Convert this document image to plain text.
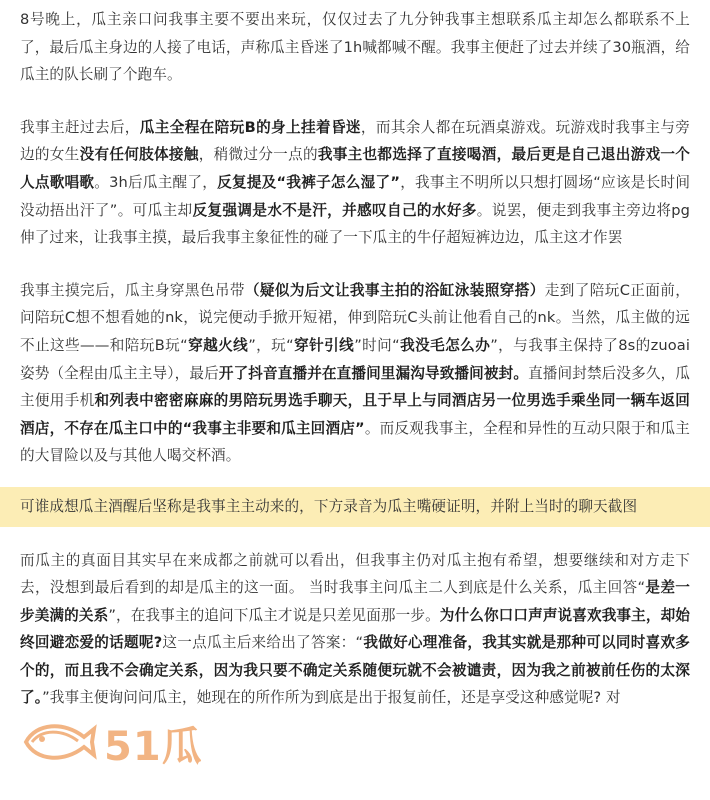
8号晚上，瓜主亲口问我事主要不要出来玩，仅仅过去了九分钟我事主想联系瓜主却怎么都联系不上了，最后瓜主身边的人接了电话，声称瓜主昏迷了1h喊都喊不醒。我事主便赶了过去并续了30瓶酒，给瓜主的队长刷了个跑车。

我事主赶过去后，瓜主全程在陪玩B的身上挂着昏迷，而其余人都在玩酒桌游戏。玩游戏时我事主与旁边的女生没有任何肢体接触，稍微过分一点的我事主也都选择了直接喝酒，最后更是自己退出游戏一个人点歌唱歌。3h后瓜主醒了，反复提及“我裤子怎么湿了”，我事主不明所以只想打圆场“应该是长时间没动捂出汗了”。可瓜主却反复强调是水不是汗，并感叹自己的水好多。说罢，便走到我事主旁边将pg伸了过来，让我事主摸，最后我事主象征性的碰了一下瓜主的牛仔超短裤边边，瓜主这才作罢

我事主摸完后，瓜主身穿黑色吊带（疑似为后文让我事主拍的浴缸泳装照穿搭）走到了陪玩C正面前，问陪玩C想不想看她的nk，说完便动手掀开短裙，伸到陪玩C头前让他看自己的nk。当然，瓜主做的远不止这些——和陪玩B玩“穿越火线”，玩“穿针引线”时问“我没毛怎么办”，与我事主保持了8s的zuoai姿势（全程由瓜主主导），最后开了抖音直播并在直播间里漏沟导致播间被封。直播间封禁后没多久，瓜主便用手机和列表中密密麻麻的男陪玩男选手聊天，且于早上与同酒店另一位男选手乘坐同一辆车返回酒店，不存在瓜主口中的“我事主非要和瓜主回酒店”。而反观我事主，全程和异性的互动只限于和瓜主的大冒险以及与其他人喝交杯酒。

可谁成想瓜主酒醒后坚称是我事主主动来的，下方录音为瓜主嘴硬证明，并附上当时的聊天截图

而瓜主的真面目其实早在来成都之前就可以看出，但我事主仍对瓜主抱有希望，想要继续和对方走下去，没想到最后看到的却是瓜主的这一面。 当时我事主问瓜主二人到底是什么关系，瓜主回答“是差一步美满的关系”，在我事主的追问下瓜主才说是只差见面那一步。为什么你口口声声说喜欢我事主，却始终回避恋爱的话题呢?这一点瓜主后来给出了答案：“我做好心理准备，我其实就是那种可以同时喜欢多个的，而且我不会确定关系，因为我只要不确定关系随便玩就不会被谴责，因为我之前被前任伤的太深了。”我事主便询问问瓜主，她现在的所作所为到底是出于报复前任，还是享受这种感觉呢? 对

51瓜
